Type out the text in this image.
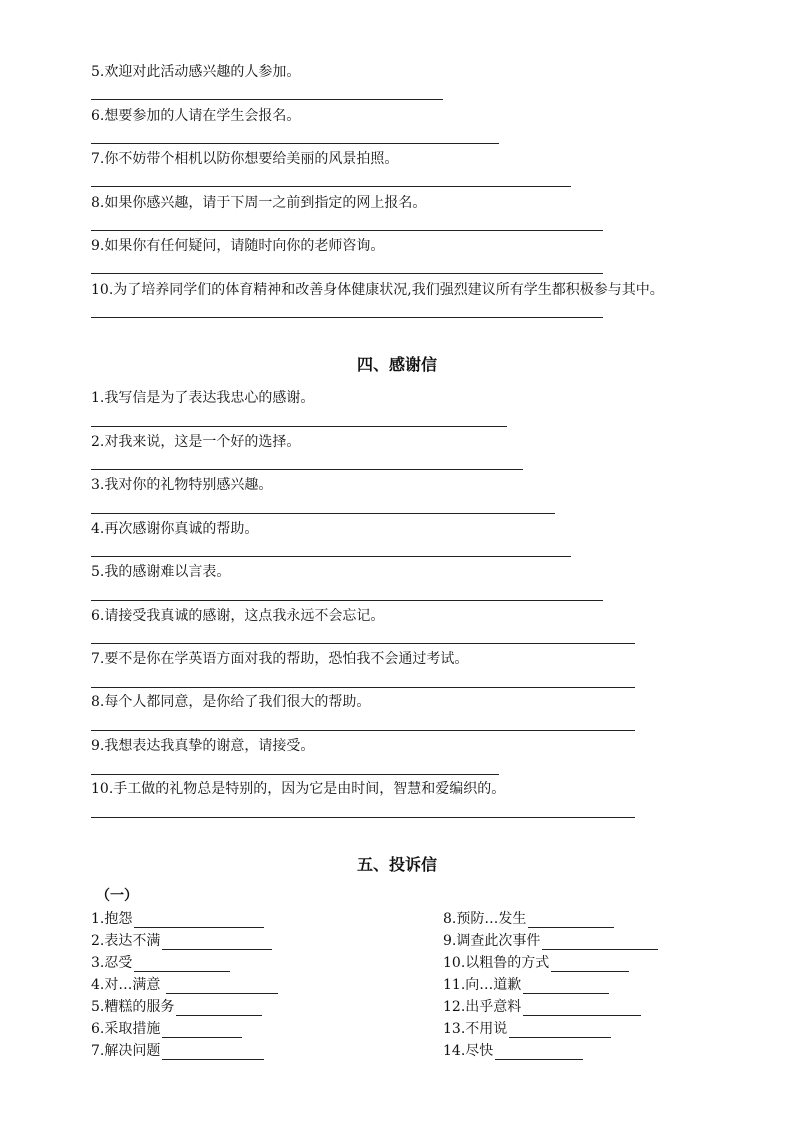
5.欢迎对此活动感兴趣的人参加。
6.想要参加的人请在学生会报名。
7.你不妨带个相机以防你想要给美丽的风景拍照。
8.如果你感兴趣，请于下周一之前到指定的网上报名。
9.如果你有任何疑问，请随时向你的老师咨询。
10.为了培养同学们的体育精神和改善身体健康状况,我们强烈建议所有学生都积极参与其中。
四、感谢信
1.我写信是为了表达我忠心的感谢。
2.对我来说，这是一个好的选择。
3.我对你的礼物特别感兴趣。
4.再次感谢你真诚的帮助。
5.我的感谢难以言表。
6.请接受我真诚的感谢，这点我永远不会忘记。
7.要不是你在学英语方面对我的帮助，恐怕我不会通过考试。
8.每个人都同意，是你给了我们很大的帮助。
9.我想表达我真挚的谢意，请接受。
10.手工做的礼物总是特别的，因为它是由时间，智慧和爱编织的。
五、投诉信
（一）
1.抱怨
2.表达不满
3.忍受
4.对…满意
5.糟糕的服务
6.采取措施
7.解决问题
8.预防…发生
9.调查此次事件
10.以粗鲁的方式
11.向…道歉
12.出乎意料
13.不用说
14.尽快
